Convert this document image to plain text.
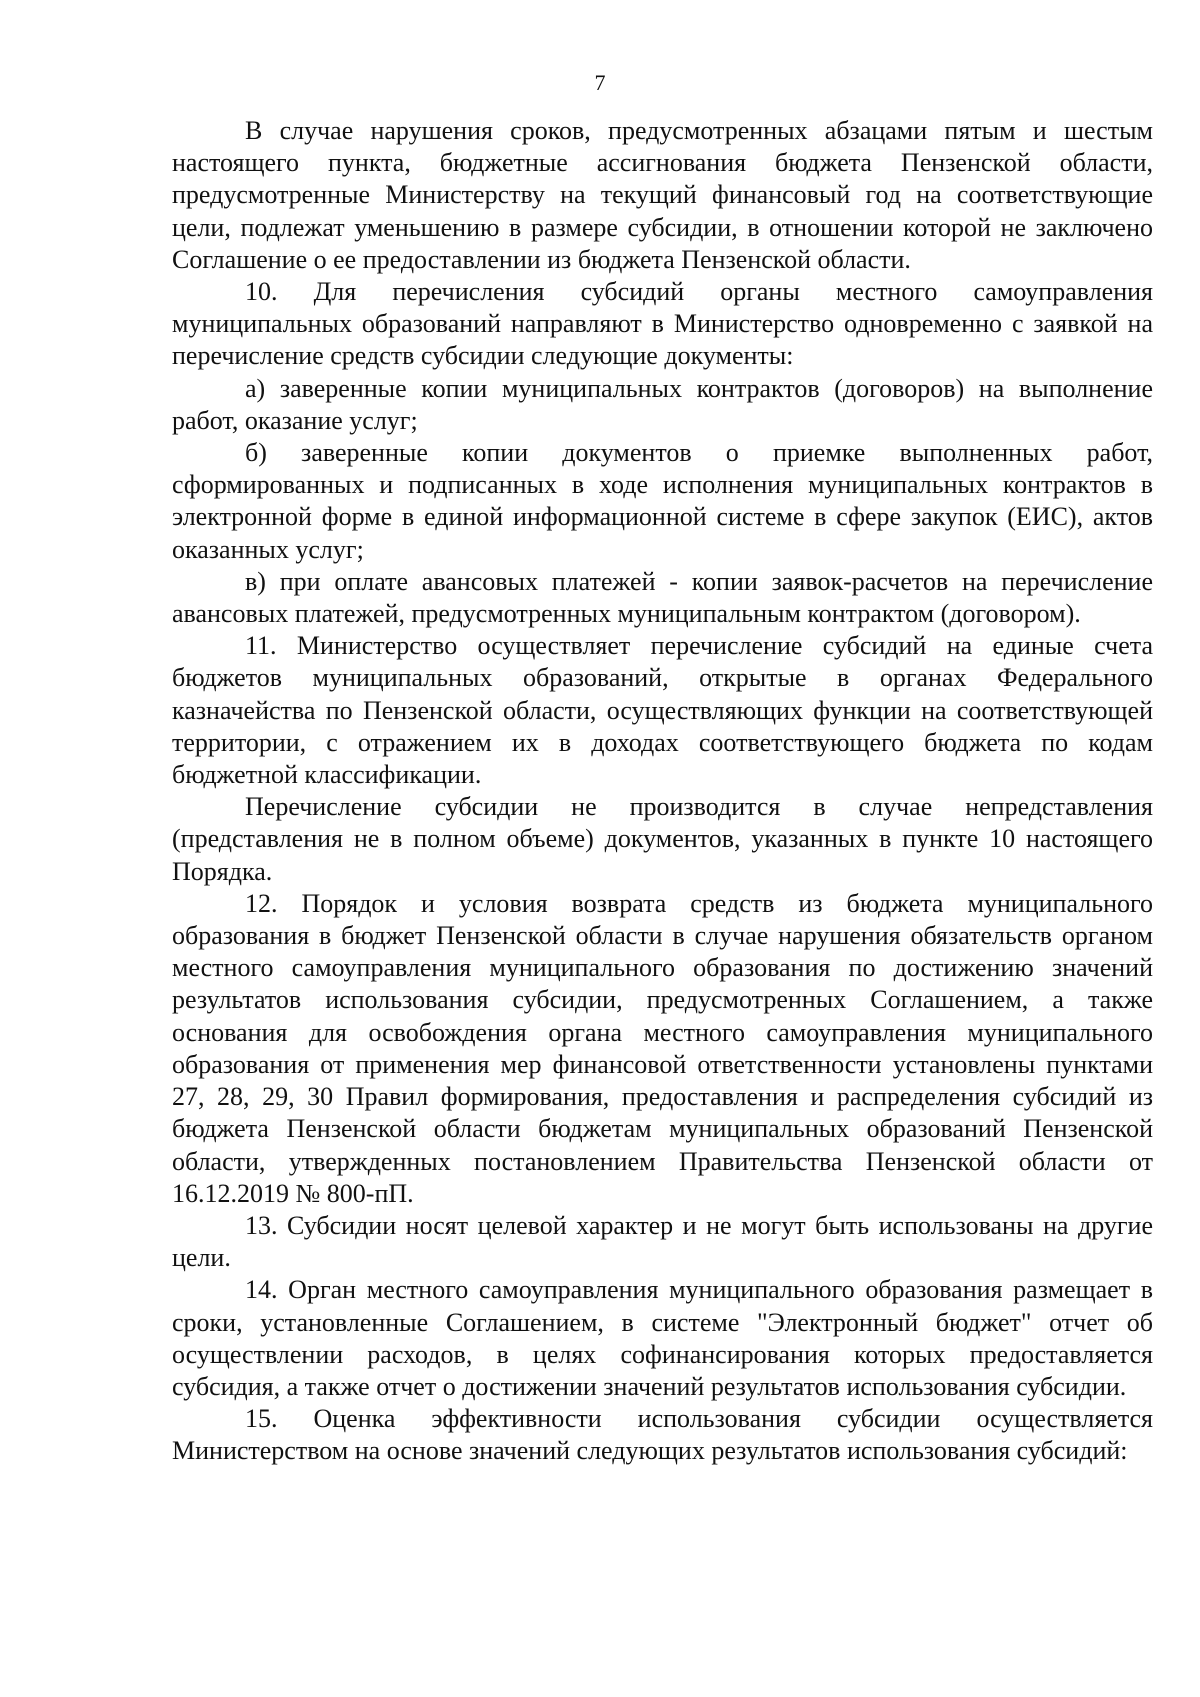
7

В случае нарушения сроков, предусмотренных абзацами пятым и шестым настоящего пункта, бюджетные ассигнования бюджета Пензенской области, предусмотренные Министерству на текущий финансовый год на соответствующие цели, подлежат уменьшению в размере субсидии, в отношении которой не заключено Соглашение о ее предоставлении из бюджета Пензенской области.

10. Для перечисления субсидий органы местного самоуправления муниципальных образований направляют в Министерство одновременно с заявкой на перечисление средств субсидии следующие документы:

а) заверенные копии муниципальных контрактов (договоров) на выполнение работ, оказание услуг;

б) заверенные копии документов о приемке выполненных работ, сформированных и подписанных в ходе исполнения муниципальных контрактов в электронной форме в единой информационной системе в сфере закупок (ЕИС), актов оказанных услуг;

в) при оплате авансовых платежей - копии заявок-расчетов на перечисление авансовых платежей, предусмотренных муниципальным контрактом (договором).

11. Министерство осуществляет перечисление субсидий на единые счета бюджетов муниципальных образований, открытые в органах Федерального казначейства по Пензенской области, осуществляющих функции на соответствующей территории, с отражением их в доходах соответствующего бюджета по кодам бюджетной классификации.

Перечисление субсидии не производится в случае непредставления (представления не в полном объеме) документов, указанных в пункте 10 настоящего Порядка.

12. Порядок и условия возврата средств из бюджета муниципального образования в бюджет Пензенской области в случае нарушения обязательств органом местного самоуправления муниципального образования по достижению значений результатов использования субсидии, предусмотренных Соглашением, а также основания для освобождения органа местного самоуправления муниципального образования от применения мер финансовой ответственности установлены пунктами 27, 28, 29, 30 Правил формирования, предоставления и распределения субсидий из бюджета Пензенской области бюджетам муниципальных образований Пензенской области, утвержденных постановлением Правительства Пензенской области от 16.12.2019 № 800-пП.

13. Субсидии носят целевой характер и не могут быть использованы на другие цели.

14. Орган местного самоуправления муниципального образования размещает в сроки, установленные Соглашением, в системе "Электронный бюджет" отчет об осуществлении расходов, в целях софинансирования которых предоставляется субсидия, а также отчет о достижении значений результатов использования субсидии.

15. Оценка эффективности использования субсидии осуществляется Министерством на основе значений следующих результатов использования субсидий:
